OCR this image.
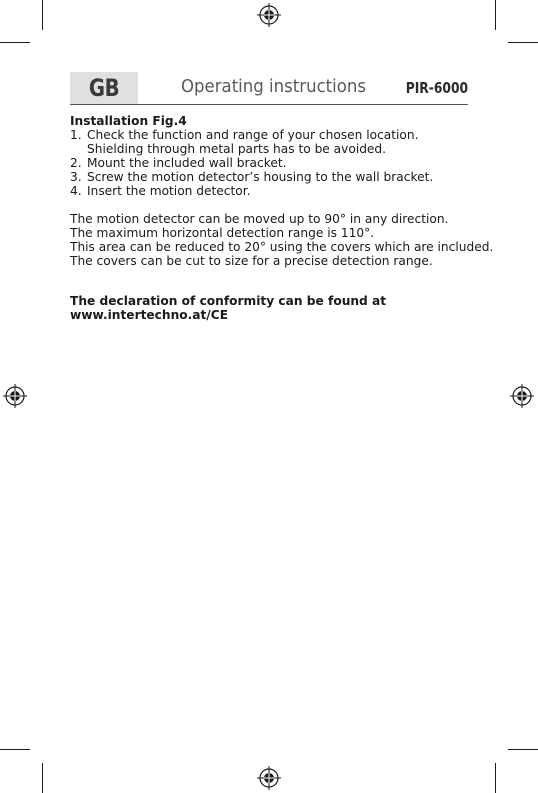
GB	Operating instructions	PIR-6000
Installation Fig.4
1. Check the function and range of your chosen location.
Shielding through metal parts has to be avoided.
2. Mount the included wall bracket.
3. Screw the motion detector’s housing to the wall bracket.
4. Insert the motion detector.
The motion detector can be moved up to 90° in any direction.
The maximum horizontal detection range is 110°.
This area can be reduced to 20° using the covers which are included.
The covers can be cut to size for a precise detection range.
The declaration of conformity can be found at
www.intertechno.at/CE
